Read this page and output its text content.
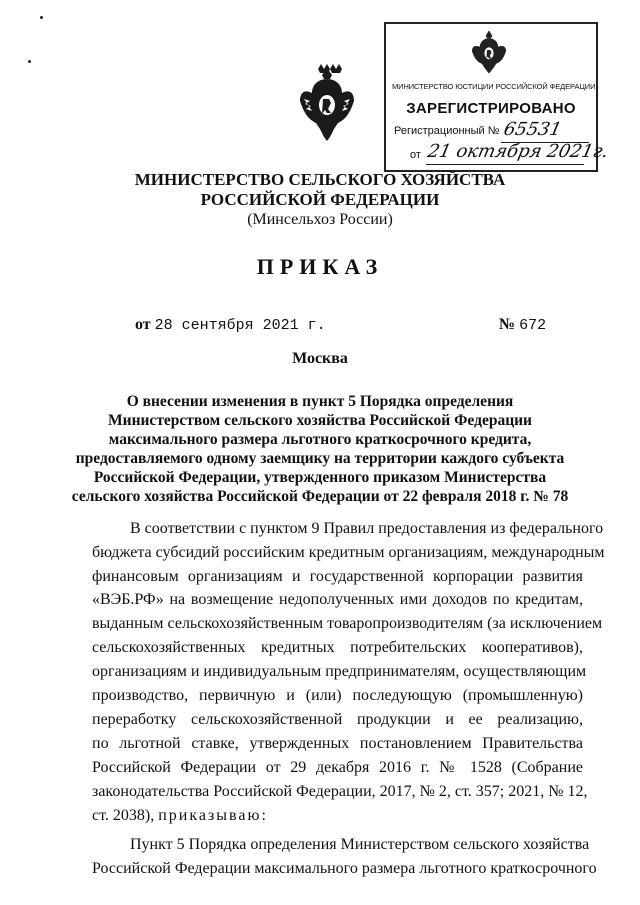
МИНИСТЕРСТВО ЮСТИЦИИ РОССИЙСКОЙ ФЕДЕРАЦИИ
ЗАРЕГИСТРИРОВАНО
Регистрационный № 65531
от 21 октября 2021г.
МИНИСТЕРСТВО СЕЛЬСКОГО ХОЗЯЙСТВА
РОССИЙСКОЙ ФЕДЕРАЦИИ
(Минсельхоз России)
ПРИКАЗ
от 28 сентября 2021 г.	№ 672
Москва
О внесении изменения в пункт 5 Порядка определения
Министерством сельского хозяйства Российской Федерации
максимального размера льготного краткосрочного кредита,
предоставляемого одному заемщику на территории каждого субъекта
Российской Федерации, утвержденного приказом Министерства
сельского хозяйства Российской Федерации от 22 февраля 2018 г. № 78
В соответствии с пунктом 9 Правил предоставления из федерального
бюджета субсидий российским кредитным организациям, международным
финансовым организациям и государственной корпорации развития
«ВЭБ.РФ» на возмещение недополученных ими доходов по кредитам,
выданным сельскохозяйственным товаропроизводителям (за исключением
сельскохозяйственных кредитных потребительских кооперативов),
организациям и индивидуальным предпринимателям, осуществляющим
производство, первичную и (или) последующую (промышленную)
переработку сельскохозяйственной продукции и ее реализацию,
по льготной ставке, утвержденных постановлением Правительства
Российской Федерации от 29 декабря 2016 г. № 1528 (Собрание
законодательства Российской Федерации, 2017, № 2, ст. 357; 2021, № 12,
ст. 2038), приказываю:
Пункт 5 Порядка определения Министерством сельского хозяйства
Российской Федерации максимального размера льготного краткосрочного
